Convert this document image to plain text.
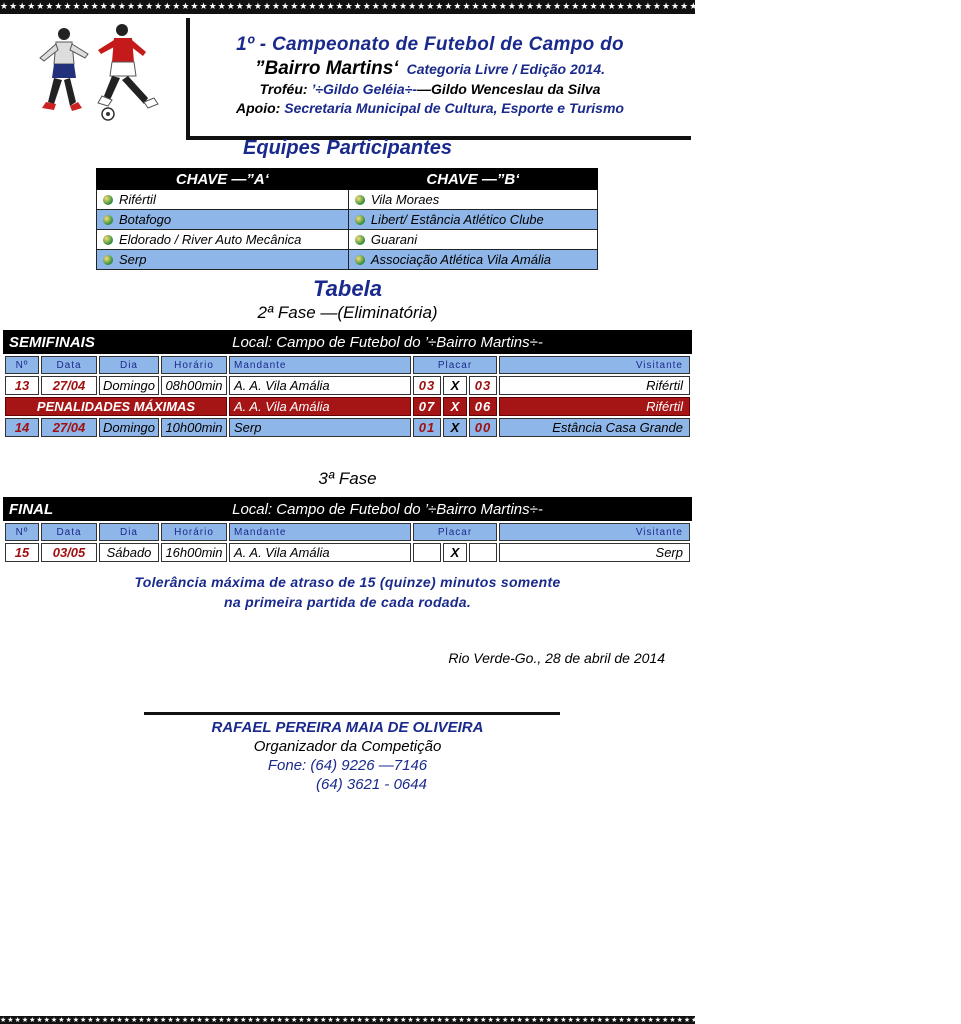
★★★★★★★★★★★★★★★★★★★★★★★★★★★★★★★★★★★★★★★★★★★★★★★★★★★★★★★★★★★★★★★★★★★★★★★★★★★★★★★★★★★★★★★★★★★★★★★★★★★★★★★★★★
1º - Campeonato de Futebol de Campo do
”Bairro Martins‘ Categoria Livre / Edição 2014.
Troféu: ’÷Gildo Geléia÷‑—Gildo Wenceslau da Silva
Apoio: Secretaria Municipal de Cultura, Esporte e Turismo
Equipes Participantes
CHAVE —”A‘	CHAVE —”B‘
Rifértil	Vila Moraes
Botafogo	Libert/ Estância Atlético Clube
Eldorado / River Auto Mecânica	Guarani
Serp	Associação Atlética Vila Amália
Tabela
2ª Fase —(Eliminatória)
SEMIFINAIS	Local: Campo de Futebol do ’÷Bairro Martins÷‑
Nº	Data	Dia	Horário	Mandante	Placar			Visitante
13	27/04	Domingo	08h00min	A. A. Vila Amália	03	X	03	Rifértil
PENALIDADES MÁXIMAS				A. A. Vila Amália	07	X	06	Rifértil
14	27/04	Domingo	10h00min	Serp	01	X	00	Estância Casa Grande
3ª Fase
FINAL	Local: Campo de Futebol do ’÷Bairro Martins÷‑
Nº	Data	Dia	Horário	Mandante	Placar			Visitante
15	03/05	Sábado	16h00min	A. A. Vila Amália		X		Serp
Tolerância máxima de atraso de 15 (quinze) minutos somente
na primeira partida de cada rodada.
Rio Verde-Go., 28 de abril de 2014
RAFAEL PEREIRA MAIA DE OLIVEIRA
Organizador da Competição
Fone: (64) 9226 —7146
(64) 3621 - 0644
★★★★★★★★★★★★★★★★★★★★★★★★★★★★★★★★★★★★★★★★★★★★★★★★★★★★★★★★★★★★★★★★★★★★★★★★★★★★★★★★★★★★★★★★★★★★★★★★★★★★★★★★★★★★★★★★★★★★★★★★★★★★★★★★★
